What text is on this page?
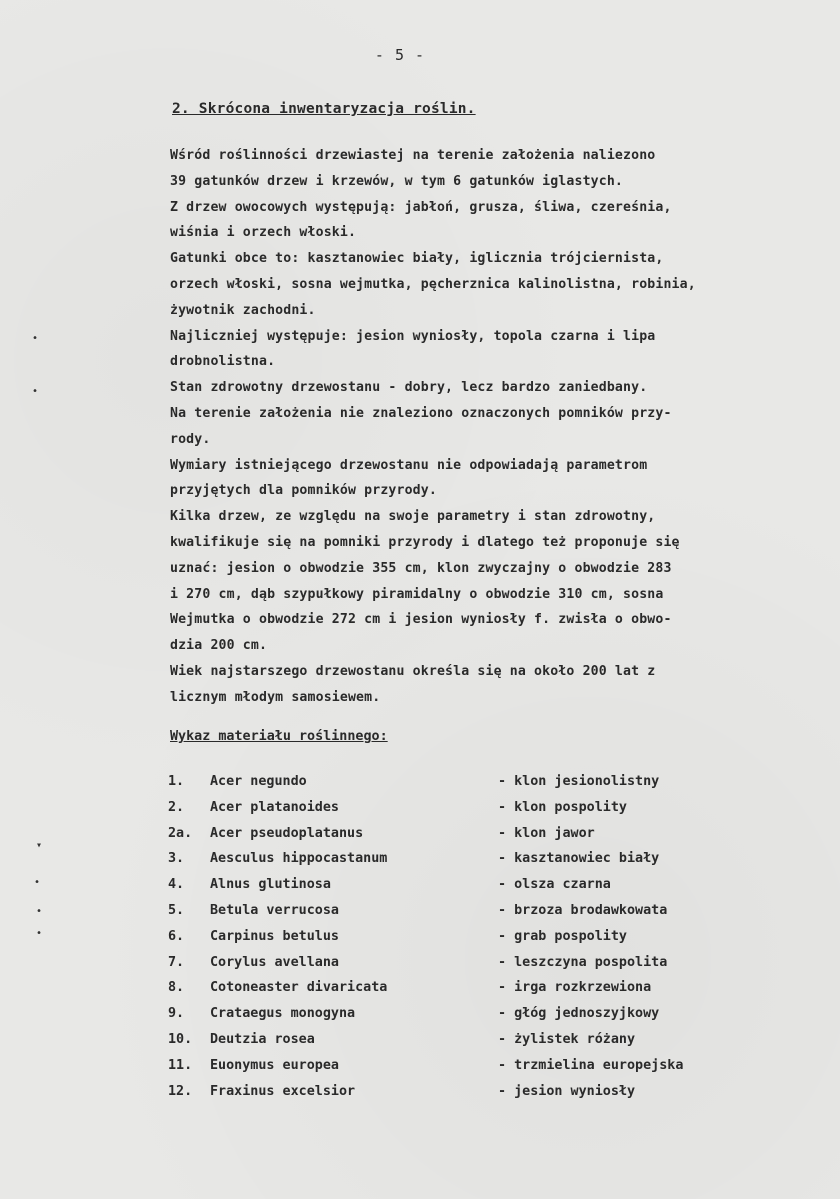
- 5 -
2. Skrócona inwentaryzacja roślin.
Wśród roślinności drzewiastej na terenie założenia naliezono
39 gatunków drzew i krzewów, w tym 6 gatunków iglastych.
Z drzew owocowych występują: jabłoń, grusza, śliwa, czereśnia,
wiśnia i orzech włoski.
Gatunki obce to: kasztanowiec biały, iglicznia trójciernista,
orzech włoski, sosna wejmutka, pęcherznica kalinolistna, robinia,
żywotnik zachodni.
Najliczniej występuje: jesion wyniosły, topola czarna i lipa
drobnolistna.
Stan zdrowotny drzewostanu - dobry, lecz bardzo zaniedbany.
Na terenie założenia nie znaleziono oznaczonych pomników przy-
rody.
Wymiary istniejącego drzewostanu nie odpowiadają parametrom
przyjętych dla pomników przyrody.
Kilka drzew, ze względu na swoje parametry i stan zdrowotny,
kwalifikuje się na pomniki przyrody i dlatego też proponuje się
uznać: jesion o obwodzie 355 cm, klon zwyczajny o obwodzie 283
i 270 cm, dąb szypułkowy piramidalny o obwodzie 310 cm, sosna
Wejmutka o obwodzie 272 cm i jesion wyniosły f. zwisła o obwo-
dzia 200 cm.
Wiek najstarszego drzewostanu określa się na około 200 lat z
licznym młodym samosiewem.
Wykaz materiału roślinnego:
1.	Acer negundo	- klon jesionolistny
2.	Acer platanoides	- klon pospolity
2a.	Acer pseudoplatanus	- klon jawor
3.	Aesculus hippocastanum	- kasztanowiec biały
4.	Alnus glutinosa	- olsza czarna
5.	Betula verrucosa	- brzoza brodawkowata
6.	Carpinus betulus	- grab pospolity
7.	Corylus avellana	- leszczyna pospolita
8.	Cotoneaster divaricata	- irga rozkrzewiona
9.	Crataegus monogyna	- głóg jednoszyjkowy
10.	Deutzia rosea	- żylistek różany
11.	Euonymus europea	- trzmielina europejska
12.	Fraxinus excelsior	- jesion wyniosły
•
•
▾
•
•
•
